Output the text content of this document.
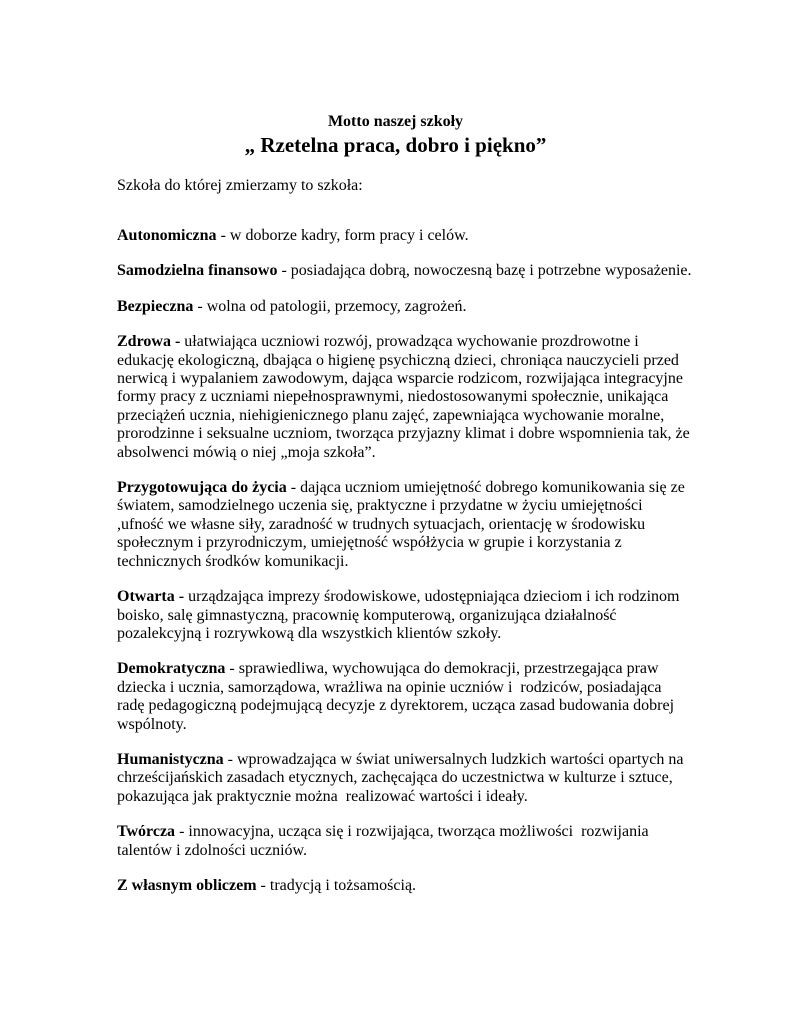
Motto naszej szkoły

„ Rzetelna praca, dobro i piękno”

Szkoła do której zmierzamy to szkoła:

Autonomiczna - w doborze kadry, form pracy i celów.

Samodzielna finansowo - posiadająca dobrą, nowoczesną bazę i potrzebne wyposażenie.

Bezpieczna - wolna od patologii, przemocy, zagrożeń.

Zdrowa - ułatwiająca uczniowi rozwój, prowadząca wychowanie prozdrowotne i
edukację ekologiczną, dbająca o higienę psychiczną dzieci, chroniąca nauczycieli przed
nerwicą i wypalaniem zawodowym, dająca wsparcie rodzicom, rozwijająca integracyjne
formy pracy z uczniami niepełnosprawnymi, niedostosowanymi społecznie, unikająca
przeciążeń ucznia, niehigienicznego planu zajęć, zapewniająca wychowanie moralne,
prorodzinne i seksualne uczniom, tworząca przyjazny klimat i dobre wspomnienia tak, że
absolwenci mówią o niej „moja szkoła”.

Przygotowująca do życia - dająca uczniom umiejętność dobrego komunikowania się ze
światem, samodzielnego uczenia się, praktyczne i przydatne w życiu umiejętności
,ufność we własne siły, zaradność w trudnych sytuacjach, orientację w środowisku
społecznym i przyrodniczym, umiejętność współżycia w grupie i korzystania z
technicznych środków komunikacji.

Otwarta - urządzająca imprezy środowiskowe, udostępniająca dzieciom i ich rodzinom
boisko, salę gimnastyczną, pracownię komputerową, organizująca działalność
pozalekcyjną i rozrywkową dla wszystkich klientów szkoły.

Demokratyczna - sprawiedliwa, wychowująca do demokracji, przestrzegająca praw
dziecka i ucznia, samorządowa, wrażliwa na opinie uczniów i  rodziców, posiadająca
radę pedagogiczną podejmującą decyzje z dyrektorem, ucząca zasad budowania dobrej
wspólnoty.

Humanistyczna - wprowadzająca w świat uniwersalnych ludzkich wartości opartych na
chrześcijańskich zasadach etycznych, zachęcająca do uczestnictwa w kulturze i sztuce,
pokazująca jak praktycznie można  realizować wartości i ideały.

Twórcza - innowacyjna, ucząca się i rozwijająca, tworząca możliwości  rozwijania
talentów i zdolności uczniów.

Z własnym obliczem - tradycją i tożsamością.
